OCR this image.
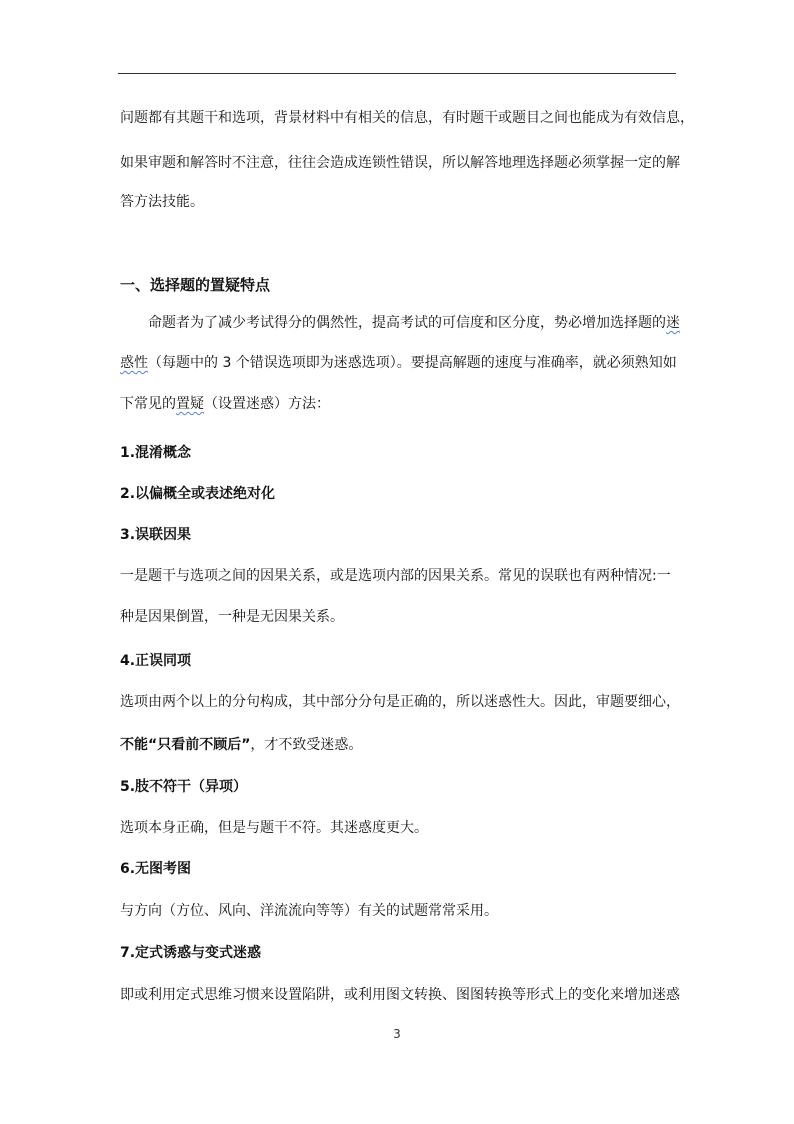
问题都有其题干和选项，背景材料中有相关的信息，有时题干或题目之间也能成为有效信息，
如果审题和解答时不注意，往往会造成连锁性错误，所以解答地理选择题必须掌握一定的解
答方法技能。
一、选择题的置疑特点
命题者为了减少考试得分的偶然性，提高考试的可信度和区分度，势必增加选择题的迷
惑性（每题中的 3 个错误选项即为迷惑选项）。要提高解题的速度与准确率，就必须熟知如
下常见的置疑（设置迷惑）方法：
1.混淆概念
2.以偏概全或表述绝对化
3.误联因果
一是题干与选项之间的因果关系，或是选项内部的因果关系。常见的误联也有两种情况:一
种是因果倒置，一种是无因果关系。
4.正误同项
选项由两个以上的分句构成，其中部分分句是正确的，所以迷惑性大。因此，审题要细心，
不能“只看前不顾后”，才不致受迷惑。
5.肢不符干（异项）
选项本身正确，但是与题干不符。其迷惑度更大。
6.无图考图
与方向（方位、风向、洋流流向等等）有关的试题常常采用。
7.定式诱惑与变式迷惑
即或利用定式思维习惯来设置陷阱，或利用图文转换、图图转换等形式上的变化来增加迷惑
3
